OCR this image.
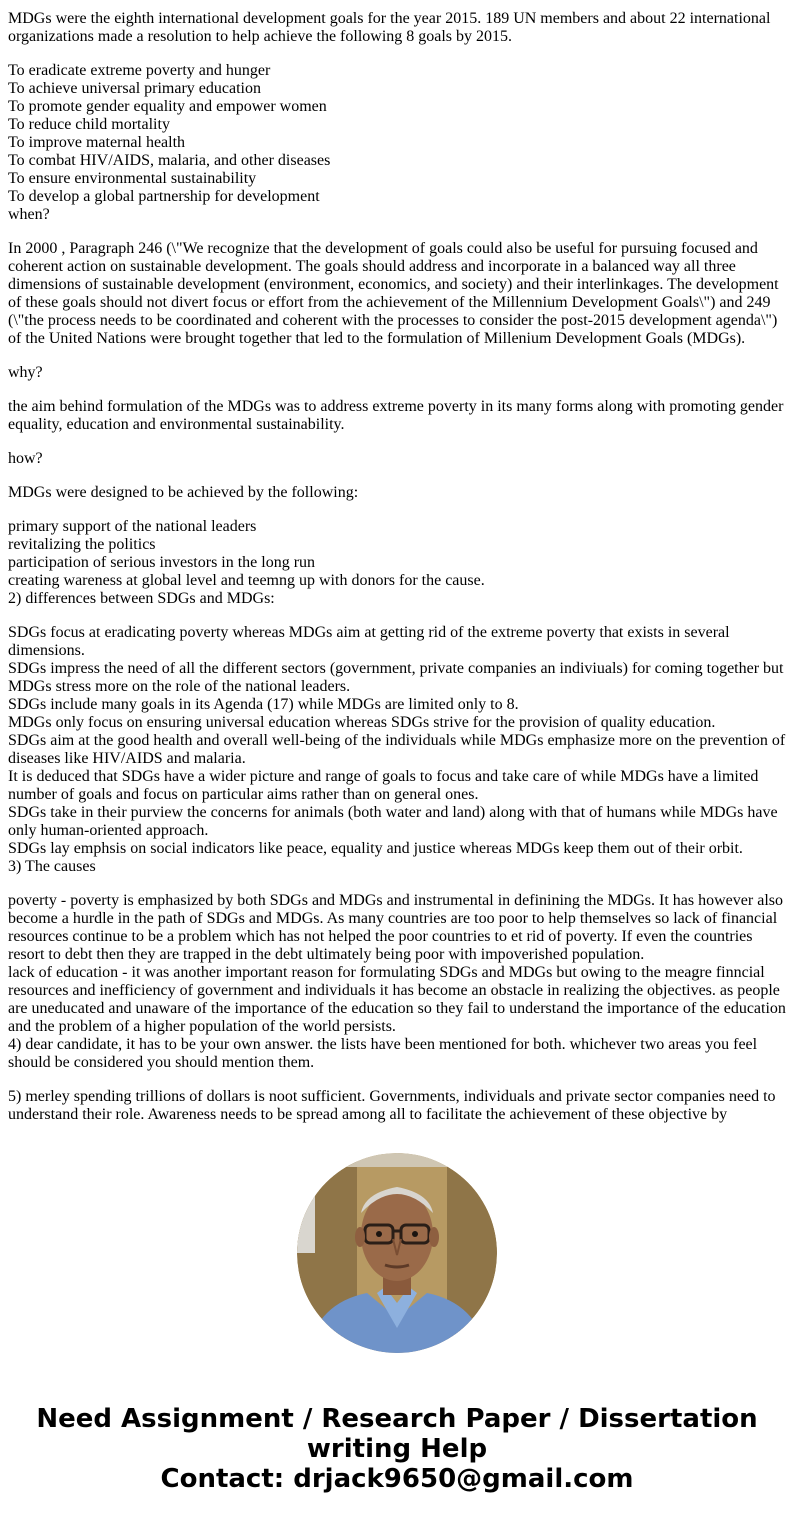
MDGs were the eighth international development goals for the year 2015. 189 UN members and about 22 international organizations made a resolution to help achieve the following 8 goals by 2015.

To eradicate extreme poverty and hunger
To achieve universal primary education
To promote gender equality and empower women
To reduce child mortality
To improve maternal health
To combat HIV/AIDS, malaria, and other diseases
To ensure environmental sustainability
To develop a global partnership for development
when?

In 2000 , Paragraph 246 (\"We recognize that the development of goals could also be useful for pursuing focused and coherent action on sustainable development. The goals should address and incorporate in a balanced way all three dimensions of sustainable development (environment, economics, and society) and their interlinkages. The development of these goals should not divert focus or effort from the achievement of the Millennium Development Goals\") and 249 (\"the process needs to be coordinated and coherent with the processes to consider the post-2015 development agenda\") of the United Nations were brought together that led to the formulation of Millenium Development Goals (MDGs).

why?

the aim behind formulation of the MDGs was to address extreme poverty in its many forms along with promoting gender equality, education and environmental sustainability.

how?

MDGs were designed to be achieved by the following:

primary support of the national leaders
revitalizing the politics
participation of serious investors in the long run
creating wareness at global level and teemng up with donors for the cause.
2) differences between SDGs and MDGs:
SDGs focus at eradicating poverty whereas MDGs aim at getting rid of the extreme poverty that exists in several dimensions.
SDGs impress the need of all the different sectors (government, private companies an indiviuals) for coming together but MDGs stress more on the role of the national leaders.
SDGs include many goals in its Agenda (17) while MDGs are limited only to 8.
MDGs only focus on ensuring universal education whereas SDGs strive for the provision of quality education.
SDGs aim at the good health and overall well-being of the individuals while MDGs emphasize more on the prevention of diseases like HIV/AIDS and malaria.
It is deduced that SDGs have a wider picture and range of goals to focus and take care of while MDGs have a limited number of goals and focus on particular aims rather than on general ones.
SDGs take in their purview the concerns for animals (both water and land) along with that of humans while MDGs have only human-oriented approach.
SDGs lay emphsis on social indicators like peace, equality and justice whereas MDGs keep them out of their orbit.
3) The causes
poverty - poverty is emphasized by both SDGs and MDGs and instrumental in definining the MDGs. It has however also become a hurdle in the path of SDGs and MDGs. As many countries are too poor to help themselves so lack of financial resources continue to be a problem which has not helped the poor countries to et rid of poverty. If even the countries resort to debt then they are trapped in the debt ultimately being poor with impoverished population.
lack of education - it was another important reason for formulating SDGs and MDGs but owing to the meagre finncial resources and inefficiency of government and individuals it has become an obstacle in realizing the objectives. as people are uneducated and unaware of the importance of the education so they fail to understand the importance of the education and the problem of a higher population of the world persists.
4) dear candidate, it has to be your own answer. the lists have been mentioned for both. whichever two areas you feel should be considered you should mention them.

5) merley spending trillions of dollars is noot sufficient. Governments, individuals and private sector companies need to understand their role. Awareness needs to be spread among all to facilitate the achievement of these objective by

Need Assignment / Research Paper / Dissertation
writing Help
Contact: drjack9650@gmail.com
